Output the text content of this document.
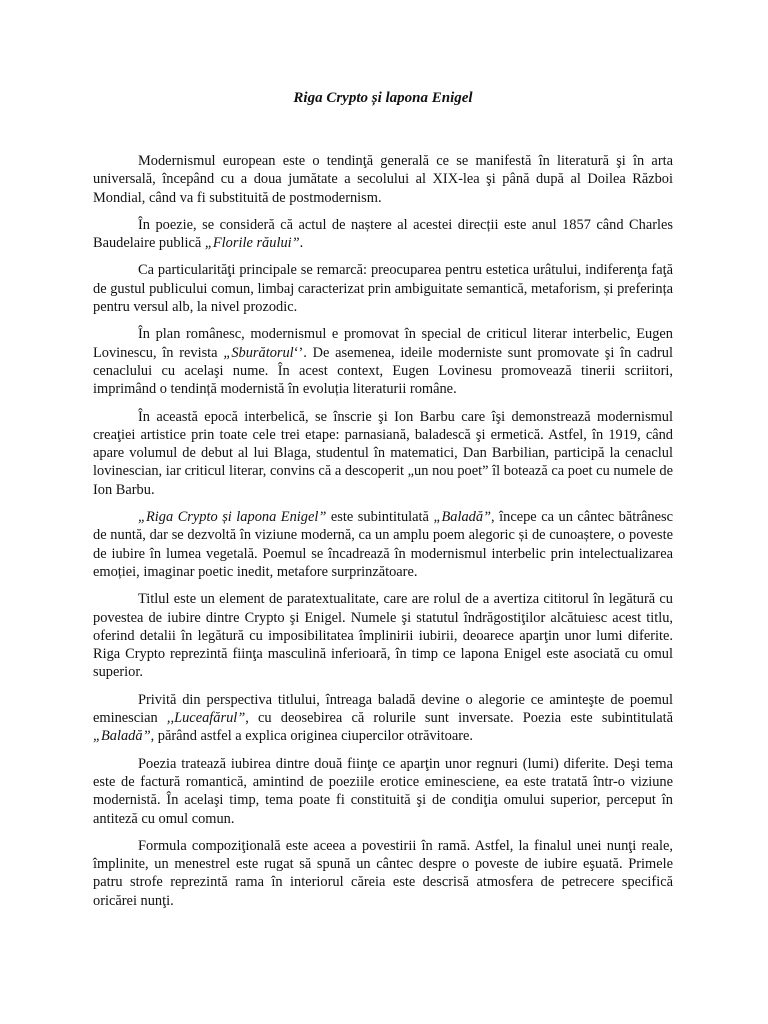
Riga Crypto și lapona Enigel

Modernismul european este o tendinţă generală ce se manifestă în literatură şi în arta universală, începând cu a doua jumătate a secolului al XIX-lea şi până după al Doilea Război Mondial, când va fi substituită de postmodernism.

În poezie, se consideră că actul de naștere al acestei direcții este anul 1857 când Charles Baudelaire publică „Florile răului”.

Ca particularităţi principale se remarcă: preocuparea pentru estetica urâtului, indiferenţa faţă de gustul publicului comun, limbaj caracterizat prin ambiguitate semantică, metaforism, și preferința pentru versul alb, la nivel prozodic.

În plan românesc, modernismul e promovat în special de criticul literar interbelic, Eugen Lovinescu, în revista „Sburătorul‘’. De asemenea, ideile moderniste sunt promovate şi în cadrul cenaclului cu acelaşi nume. În acest context, Eugen Lovinesu promovează tinerii scriitori, imprimând o tendință modernistă în evoluția literaturii române.

În această epocă interbelică, se înscrie şi Ion Barbu care îşi demonstrează modernismul creaţiei artistice prin toate cele trei etape: parnasiană, baladescă şi ermetică. Astfel, în 1919, când apare volumul de debut al lui Blaga, studentul în matematici, Dan Barbilian, participă la cenaclul lovinescian, iar criticul literar, convins că a descoperit „un nou poet” îl botează ca poet cu numele de Ion Barbu.

„Riga Crypto și lapona Enigel” este subintitulată „Baladă”, începe ca un cântec bătrânesc de nuntă, dar se dezvoltă în viziune modernă, ca un amplu poem alegoric și de cunoaștere, o poveste de iubire în lumea vegetală. Poemul se încadrează în modernismul interbelic prin intelectualizarea emoției, imaginar poetic inedit, metafore surprinzătoare.

Titlul este un element de paratextualitate, care are rolul de a avertiza cititorul în legătură cu povestea de iubire dintre Crypto şi Enigel. Numele şi statutul îndrăgostiţilor alcătuiesc acest titlu, oferind detalii în legătură cu imposibilitatea împlinirii iubirii, deoarece aparţin unor lumi diferite. Riga Crypto reprezintă fiinţa masculină inferioară, în timp ce lapona Enigel este asociată cu omul superior.

Privită din perspectiva titlului, întreaga baladă devine o alegorie ce aminteşte de poemul eminescian ,,Luceafărul”, cu deosebirea că rolurile sunt inversate. Poezia este subintitulată „Baladă”, părând astfel a explica originea ciupercilor otrăvitoare.

Poezia tratează iubirea dintre două fiinţe ce aparţin unor regnuri (lumi) diferite. Deşi tema este de factură romantică, amintind de poeziile erotice eminesciene, ea este tratată într-o viziune modernistă. În acelaşi timp, tema poate fi constituită şi de condiţia omului superior, perceput în antiteză cu omul comun.

Formula compoziţională este aceea a povestirii în ramă. Astfel, la finalul unei nunţi reale, împlinite, un menestrel este rugat să spună un cântec despre o poveste de iubire eşuată. Primele patru strofe reprezintă rama în interiorul căreia este descrisă atmosfera de petrecere specifică oricărei nunţi.
